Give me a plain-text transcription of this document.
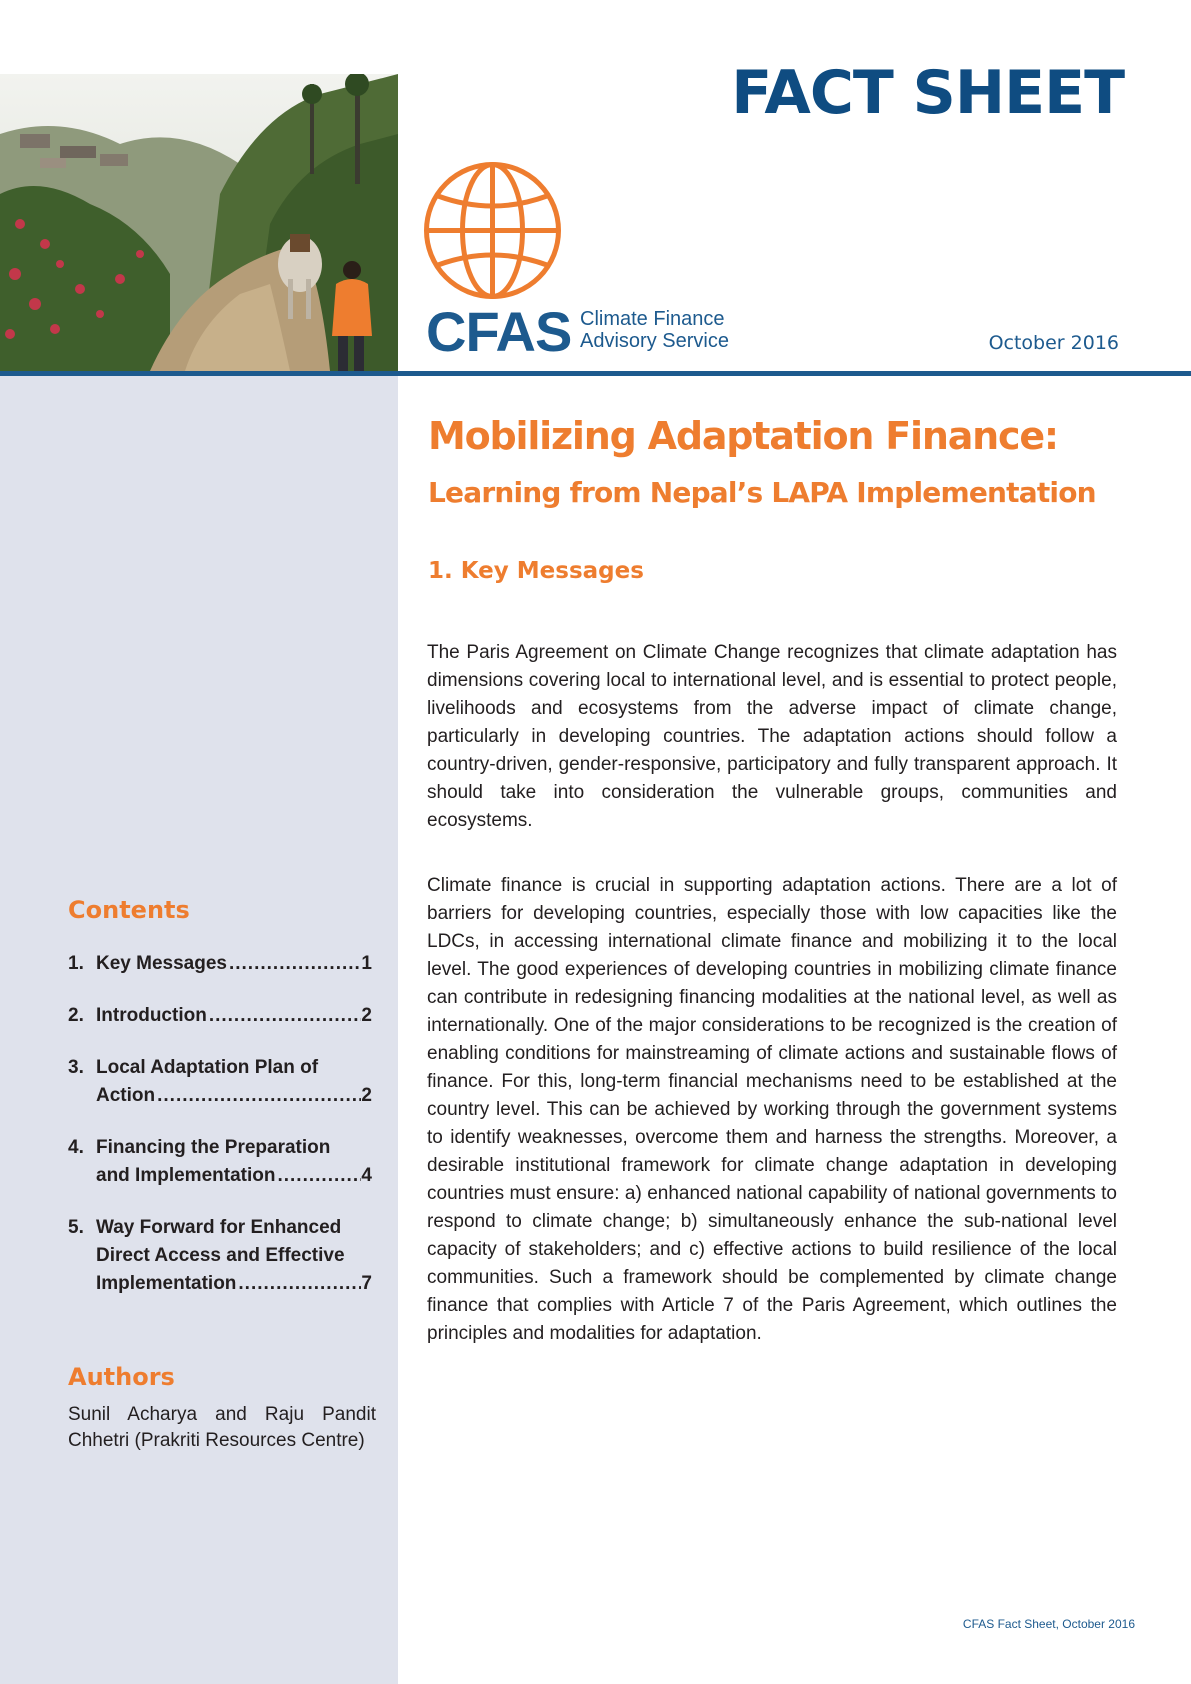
FACT SHEET
CFAS Climate Finance
Advisory Service	October 2016
Mobilizing Adaptation Finance:
Learning from Nepal’s LAPA Implementation
1. Key Messages

The Paris Agreement on Climate Change recognizes that climate adaptation has dimensions covering local to international level, and is essential to protect people, livelihoods and ecosystems from the adverse impact of climate change, particularly in developing countries. The adaptation actions should follow a country-driven, gender-responsive, participatory and fully transparent approach. It should take into consideration the vulnerable groups, communities and ecosystems.

Climate finance is crucial in supporting adaptation actions. There are a lot of barriers for developing countries, especially those with low capacities like the LDCs, in accessing international climate finance and mobilizing it to the local level. The good experiences of developing countries in mobilizing climate finance can contribute in redesigning financing modalities at the national level, as well as internationally. One of the major considerations to be recognized is the creation of enabling conditions for mainstreaming of climate actions and sustainable flows of finance. For this, long-term financial mechanisms need to be established at the country level. This can be achieved by working through the government systems to identify weaknesses, overcome them and harness the strengths. Moreover, a desirable institutional framework for climate change adaptation in developing countries must ensure: a) enhanced national capability of national governments to respond to climate change; b) simultaneously enhance the sub-national level capacity of stakeholders; and c) effective actions to build resilience of the local communities. Such a framework should be complemented by climate change finance that complies with Article 7 of the Paris Agreement, which outlines the principles and modalities for adaptation.

Contents
1. Key Messages .....	1
2. Introduction .....	2
3. Local Adaptation Plan of
Action .....	2
4. Financing the Preparation
and Implementation .....	4
5. Way Forward for Enhanced
Direct Access and Effective
Implementation .....	7
Authors

Sunil Acharya and Raju Pandit Chhetri (Prakriti Resources Centre)

CFAS Fact Sheet, October 2016
